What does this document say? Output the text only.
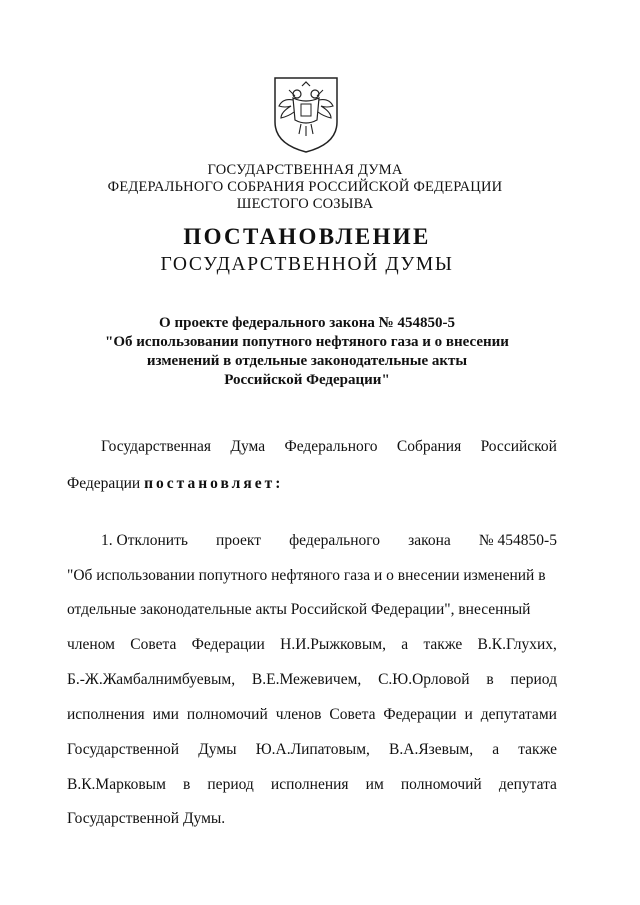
ГОСУДАРСТВЕННАЯ ДУМА
ФЕДЕРАЛЬНОГО СОБРАНИЯ РОССИЙСКОЙ ФЕДЕРАЦИИ
ШЕСТОГО СОЗЫВА
ПОСТАНОВЛЕНИЕ
ГОСУДАРСТВЕННОЙ ДУМЫ
О проекте федерального закона № 454850-5
"Об использовании попутного нефтяного газа и о внесении
изменений в отдельные законодательные акты
Российской Федерации"
Государственная Дума Федерального Собрания Российской
Федерации постановляет:
1. Отклонить проект федерального закона № 454850-5
"Об использовании попутного нефтяного газа и о внесении изменений в
отдельные законодательные акты Российской Федерации", внесенный
членом Совета Федерации Н.И.Рыжковым, а также В.К.Глухих,
Б.-Ж.Жамбалнимбуевым, В.Е.Межевичем, С.Ю.Орловой в период
исполнения ими полномочий членов Совета Федерации и депутатами
Государственной Думы Ю.А.Липатовым, В.А.Язевым, а также
В.К.Марковым в период исполнения им полномочий депутата
Государственной Думы.
